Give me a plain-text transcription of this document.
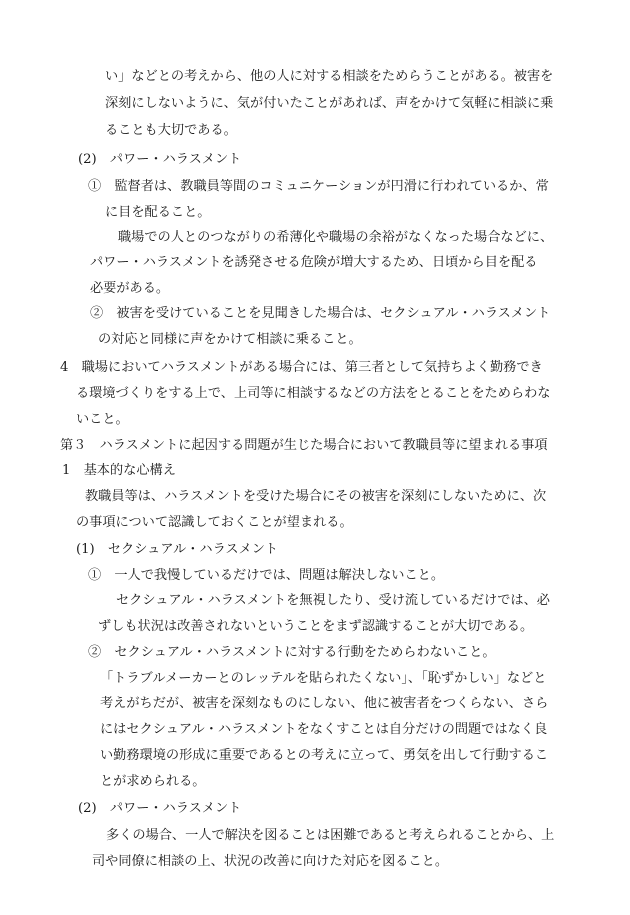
い」などとの考えから、他の人に対する相談をためらうことがある。被害を
深刻にしないように、気が付いたことがあれば、声をかけて気軽に相談に乗
ることも大切である。
(2)　パワー・ハラスメント
①　監督者は、教職員等間のコミュニケーションが円滑に行われているか、常
に目を配ること。
職場での人とのつながりの希薄化や職場の余裕がなくなった場合などに、
パワー・ハラスメントを誘発させる危険が増大するため、日頃から目を配る
必要がある。
②　被害を受けていることを見聞きした場合は、セクシュアル・ハラスメント
の対応と同様に声をかけて相談に乗ること。
4　職場においてハラスメントがある場合には、第三者として気持ちよく勤務でき
る環境づくりをする上で、上司等に相談するなどの方法をとることをためらわな
いこと。
第３　ハラスメントに起因する問題が生じた場合において教職員等に望まれる事項
1　基本的な心構え
教職員等は、ハラスメントを受けた場合にその被害を深刻にしないために、次
の事項について認識しておくことが望まれる。
(1)　セクシュアル・ハラスメント
①　一人で我慢しているだけでは、問題は解決しないこと。
セクシュアル・ハラスメントを無視したり、受け流しているだけでは、必
ずしも状況は改善されないということをまず認識することが大切である。
②　セクシュアル・ハラスメントに対する行動をためらわないこと。
「トラブルメーカーとのレッテルを貼られたくない」、「恥ずかしい」などと
考えがちだが、被害を深刻なものにしない、他に被害者をつくらない、さら
にはセクシュアル・ハラスメントをなくすことは自分だけの問題ではなく良
い勤務環境の形成に重要であるとの考えに立って、勇気を出して行動するこ
とが求められる。
(2)　パワー・ハラスメント
多くの場合、一人で解決を図ることは困難であると考えられることから、上
司や同僚に相談の上、状況の改善に向けた対応を図ること。
